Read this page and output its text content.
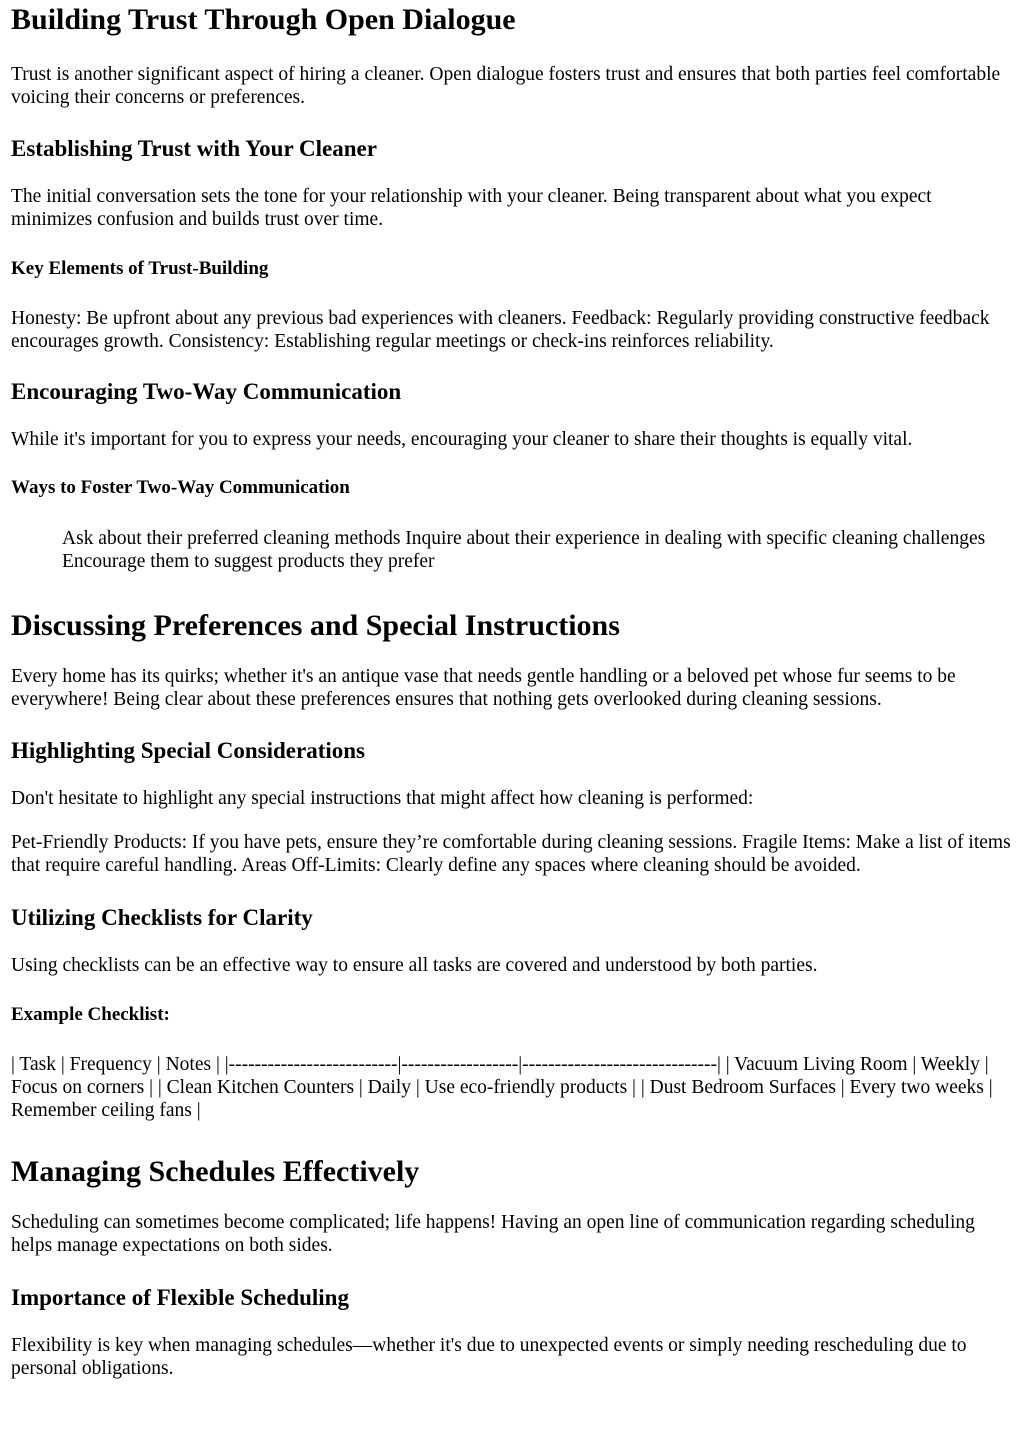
Building Trust Through Open Dialogue

Trust is another significant aspect of hiring a cleaner. Open dialogue fosters trust and ensures that both parties feel comfortable voicing their concerns or preferences.

Establishing Trust with Your Cleaner

The initial conversation sets the tone for your relationship with your cleaner. Being transparent about what you expect minimizes confusion and builds trust over time.

Key Elements of Trust-Building

Honesty: Be upfront about any previous bad experiences with cleaners. Feedback: Regularly providing constructive feedback encourages growth. Consistency: Establishing regular meetings or check-ins reinforces reliability.

Encouraging Two-Way Communication

While it's important for you to express your needs, encouraging your cleaner to share their thoughts is equally vital.

Ways to Foster Two-Way Communication
Ask about their preferred cleaning methods Inquire about their experience in dealing with specific cleaning challenges Encourage them to suggest products they prefer
Discussing Preferences and Special Instructions

Every home has its quirks; whether it's an antique vase that needs gentle handling or a beloved pet whose fur seems to be everywhere! Being clear about these preferences ensures that nothing gets overlooked during cleaning sessions.

Highlighting Special Considerations

Don't hesitate to highlight any special instructions that might affect how cleaning is performed:

Pet-Friendly Products: If you have pets, ensure they’re comfortable during cleaning sessions. Fragile Items: Make a list of items that require careful handling. Areas Off-Limits: Clearly define any spaces where cleaning should be avoided.

Utilizing Checklists for Clarity

Using checklists can be an effective way to ensure all tasks are covered and understood by both parties.

Example Checklist:

| Task | Frequency | Notes | |--------------------------|------------------|------------------------------| | Vacuum Living Room | Weekly | Focus on corners | | Clean Kitchen Counters | Daily | Use eco-friendly products | | Dust Bedroom Surfaces | Every two weeks | Remember ceiling fans |

Managing Schedules Effectively

Scheduling can sometimes become complicated; life happens! Having an open line of communication regarding scheduling helps manage expectations on both sides.

Importance of Flexible Scheduling

Flexibility is key when managing schedules—whether it's due to unexpected events or simply needing rescheduling due to personal obligations.
